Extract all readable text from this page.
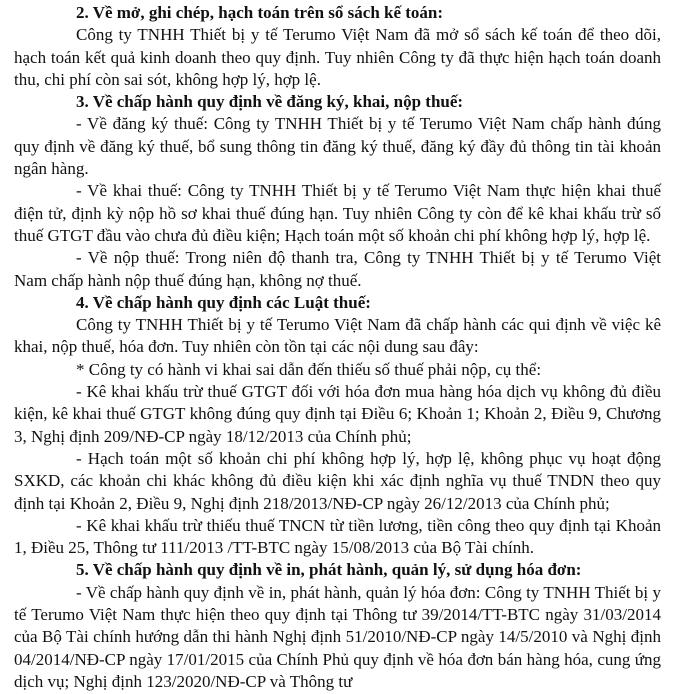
2. Về mở, ghi chép, hạch toán trên sổ sách kế toán:

Công ty TNHH Thiết bị y tế Terumo Việt Nam đã mở sổ sách kế toán để theo dõi, hạch toán kết quả kinh doanh theo quy định. Tuy nhiên Công ty đã thực hiện hạch toán doanh thu, chi phí còn sai sót, không hợp lý, hợp lệ.

3. Về chấp hành quy định về đăng ký, khai, nộp thuế:

- Về đăng ký thuế: Công ty TNHH Thiết bị y tế Terumo Việt Nam chấp hành đúng quy định về đăng ký thuế, bổ sung thông tin đăng ký thuế, đăng ký đầy đủ thông tin tài khoản ngân hàng.

- Về khai thuế: Công ty TNHH Thiết bị y tế Terumo Việt Nam thực hiện khai thuế điện tử, định kỳ nộp hồ sơ khai thuế đúng hạn. Tuy nhiên Công ty còn để kê khai khấu trừ số thuế GTGT đầu vào chưa đủ điều kiện; Hạch toán một số khoản chi phí không hợp lý, hợp lệ.

- Về nộp thuế: Trong niên độ thanh tra, Công ty TNHH Thiết bị y tế Terumo Việt Nam chấp hành nộp thuế đúng hạn, không nợ thuế.

4. Về chấp hành quy định các Luật thuế:

Công ty TNHH Thiết bị y tế Terumo Việt Nam đã chấp hành các qui định về việc kê khai, nộp thuế, hóa đơn. Tuy nhiên còn tồn tại các nội dung sau đây:

* Công ty có hành vi khai sai dẫn đến thiếu số thuế phải nộp, cụ thể:

- Kê khai khấu trừ thuế GTGT đối với hóa đơn mua hàng hóa dịch vụ không đủ điều kiện, kê khai thuế GTGT không đúng quy định tại Điều 6; Khoản 1; Khoản 2, Điều 9, Chương 3, Nghị định 209/NĐ-CP ngày 18/12/2013 của Chính phủ;

- Hạch toán một số khoản chi phí không hợp lý, hợp lệ, không phục vụ hoạt động SXKD, các khoản chi khác không đủ điều kiện khi xác định nghĩa vụ thuế TNDN theo quy định tại Khoản 2, Điều 9, Nghị định 218/2013/NĐ-CP ngày 26/12/2013 của Chính phủ;

- Kê khai khấu trừ thiếu thuế TNCN từ tiền lương, tiền công theo quy định tại Khoản 1, Điều 25, Thông tư 111/2013 /TT-BTC ngày 15/08/2013 của Bộ Tài chính.

5. Về chấp hành quy định về in, phát hành, quản lý, sử dụng hóa đơn:

- Về chấp hành quy định về in, phát hành, quản lý hóa đơn: Công ty TNHH Thiết bị y tế Terumo Việt Nam thực hiện theo quy định tại Thông tư 39/2014/TT-BTC ngày 31/03/2014 của Bộ Tài chính hướng dẫn thi hành Nghị định 51/2010/NĐ-CP ngày 14/5/2010 và Nghị định 04/2014/NĐ-CP ngày 17/01/2015 của Chính Phủ quy định về hóa đơn bán hàng hóa, cung ứng dịch vụ; Nghị định 123/2020/NĐ-CP và Thông tư
